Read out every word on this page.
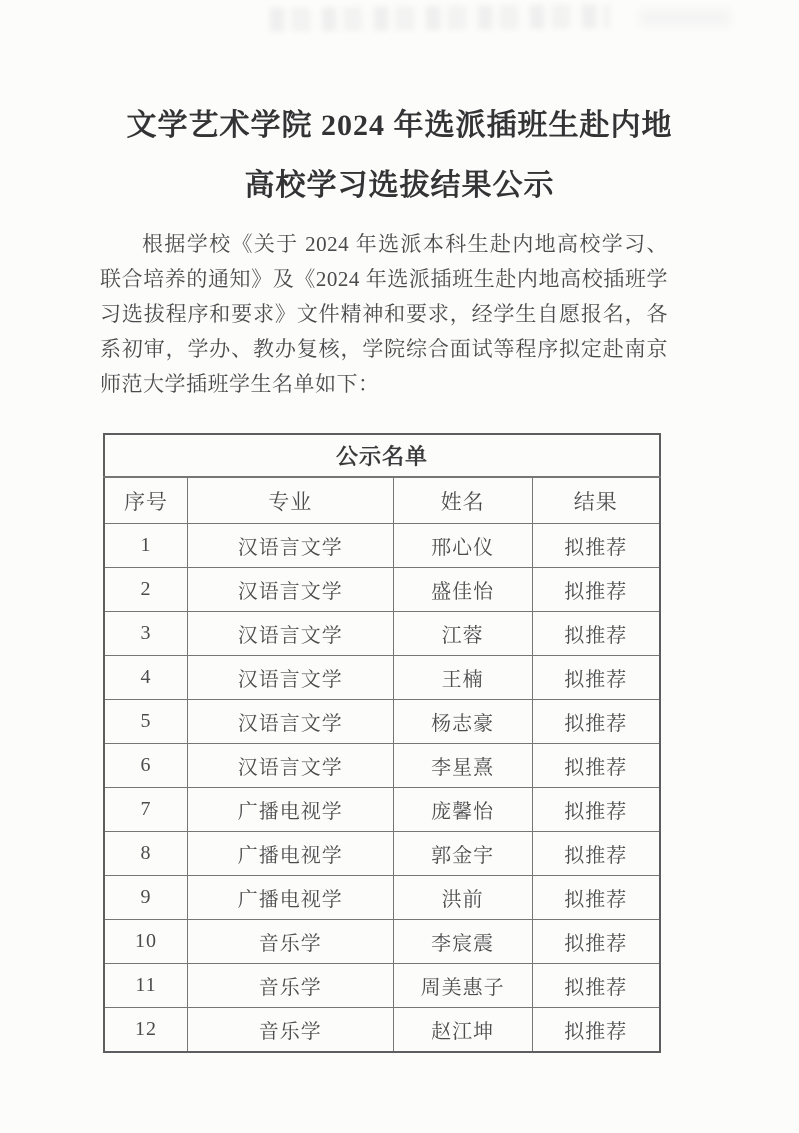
文学艺术学院 2024 年选派插班生赴内地
高校学习选拔结果公示
根据学校《关于 2024 年选派本科生赴内地高校学习、联合培养的通知》及《2024 年选派插班生赴内地高校插班学习选拔程序和要求》文件精神和要求，经学生自愿报名，各系初审，学办、教办复核，学院综合面试等程序拟定赴南京师范大学插班学生名单如下：
公示名单			
序号	专业	姓名	结果
1	汉语言文学	邢心仪	拟推荐
2	汉语言文学	盛佳怡	拟推荐
3	汉语言文学	江蓉	拟推荐
4	汉语言文学	王楠	拟推荐
5	汉语言文学	杨志豪	拟推荐
6	汉语言文学	李星熹	拟推荐
7	广播电视学	庞馨怡	拟推荐
8	广播电视学	郭金宇	拟推荐
9	广播电视学	洪前	拟推荐
10	音乐学	李宸震	拟推荐
11	音乐学	周美惠子	拟推荐
12	音乐学	赵江坤	拟推荐
